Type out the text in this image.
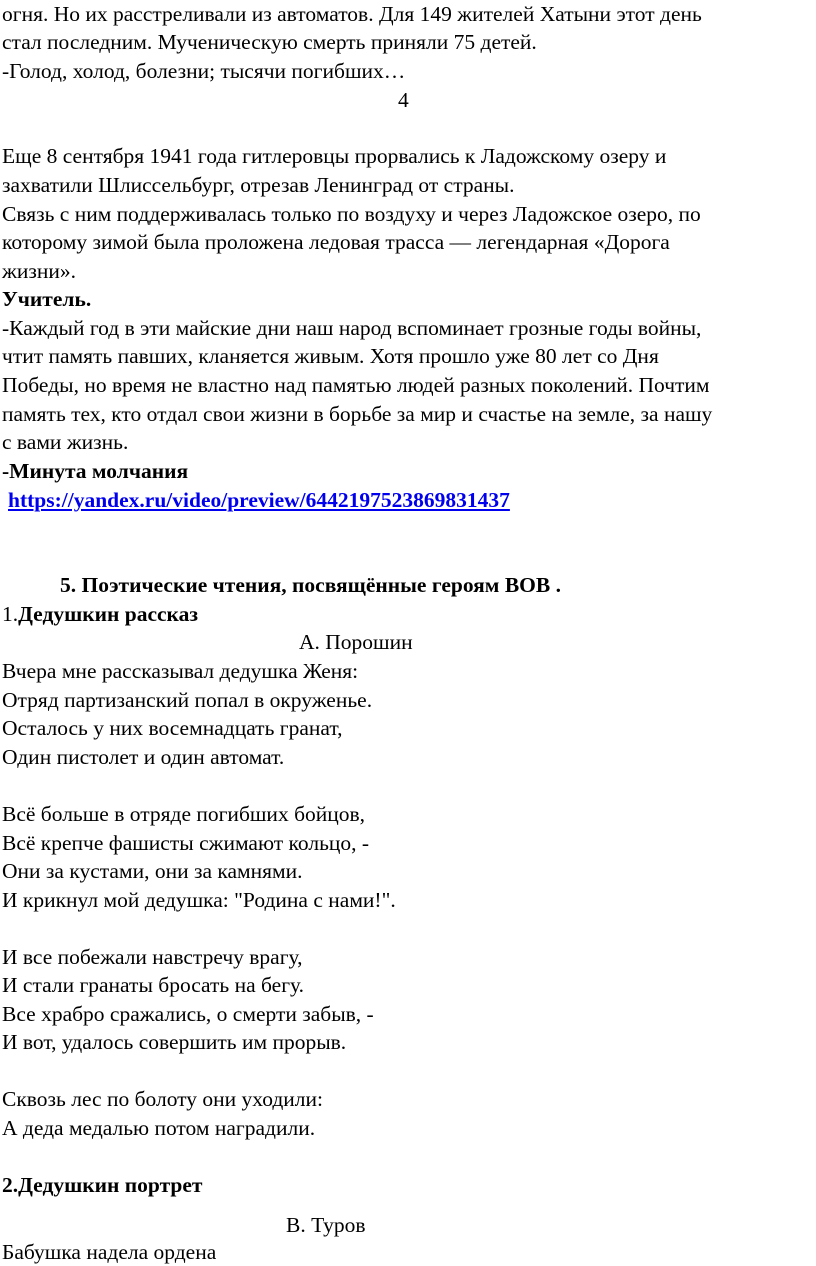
огня. Но их расстреливали из автоматов. Для 149 жителей Хатыни этот день
стал последним. Мученическую смерть приняли 75 детей.
-Голод, холод, болезни; тысячи погибших…
4
Еще 8 сентября 1941 года гитлеровцы прорвались к Ладожскому озеру и
захватили Шлиссельбург, отрезав Ленинград от страны.
Связь с ним поддерживалась только по воздуху и через Ладожское озеро, по
которому зимой была проложена ледовая трасса — легендарная «Дорога
жизни».
Учитель.
-Каждый год в эти майские дни наш народ вспоминает грозные годы войны,
чтит память павших, кланяется живым. Хотя прошло уже 80 лет со Дня
Победы, но время не властно над памятью людей разных поколений. Почтим
память тех, кто отдал свои жизни в борьбе за мир и счастье на земле, за нашу
с вами жизнь.
-Минута молчания
https://yandex.ru/video/preview/6442197523869831437
5. Поэтические чтения, посвящённые героям ВОВ .
1.Дедушкин рассказ
А. Порошин
Вчера мне рассказывал дедушка Женя:
Отряд партизанский попал в окруженье.
Осталось у них восемнадцать гранат,
Один пистолет и один автомат.
Всё больше в отряде погибших бойцов,
Всё крепче фашисты сжимают кольцо, -
Они за кустами, они за камнями.
И крикнул мой дедушка: "Родина с нами!".
И все побежали навстречу врагу,
И стали гранаты бросать на бегу.
Все храбро сражались, о смерти забыв, -
И вот, удалось совершить им прорыв.
Сквозь лес по болоту они уходили:
А деда медалью потом наградили.
2.Дедушкин портрет
В. Туров
Бабушка надела ордена
